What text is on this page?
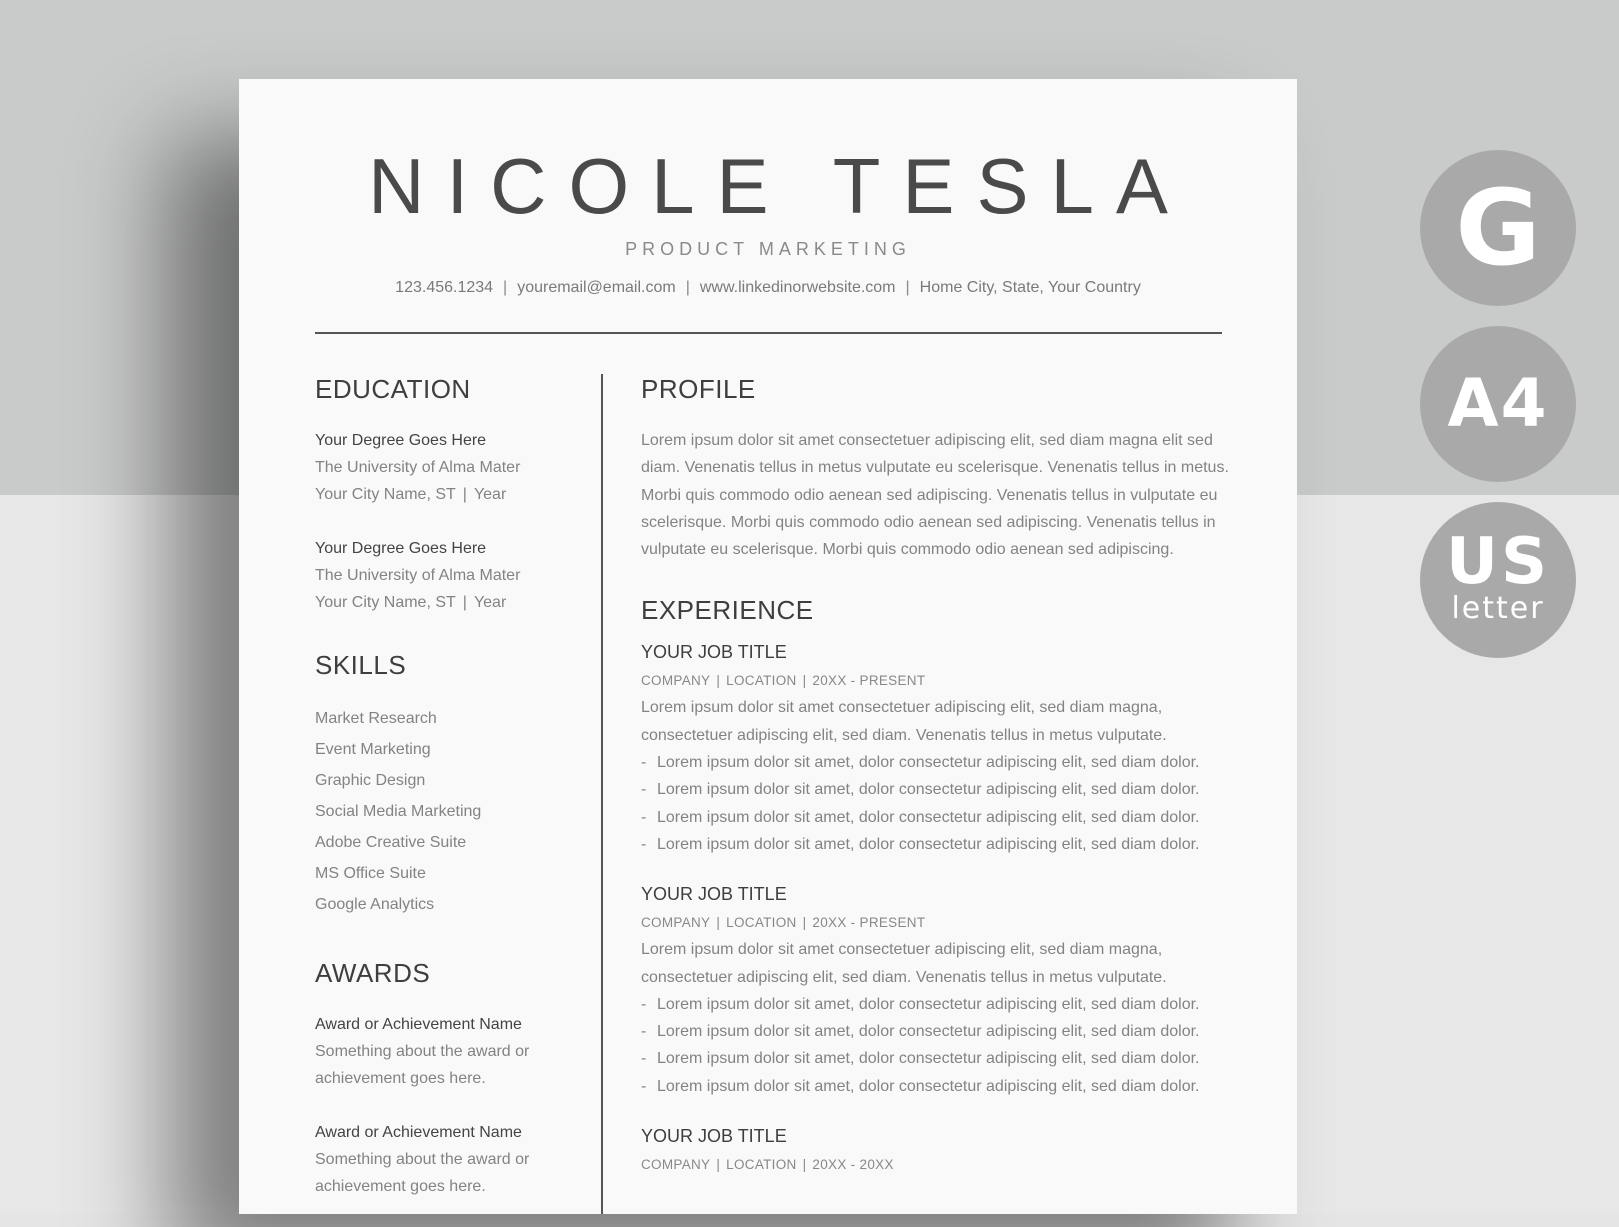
NICOLE TESLA
PRODUCT MARKETING
123.456.1234 | youremail@email.com | www.linkedinorwebsite.com | Home City, State, Your Country
EDUCATION
Your Degree Goes Here
The University of Alma Mater
Your City Name, ST | Year
Your Degree Goes Here
The University of Alma Mater
Your City Name, ST | Year
SKILLS
Market Research
Event Marketing
Graphic Design
Social Media Marketing
Adobe Creative Suite
MS Office Suite
Google Analytics
AWARDS
Award or Achievement Name
Something about the award or
achievement goes here.
Award or Achievement Name
Something about the award or
achievement goes here.
PROFILE
Lorem ipsum dolor sit amet consectetuer adipiscing elit, sed diam magna elit sed
diam. Venenatis tellus in metus vulputate eu scelerisque. Venenatis tellus in metus.
Morbi quis commodo odio aenean sed adipiscing. Venenatis tellus in vulputate eu
scelerisque. Morbi quis commodo odio aenean sed adipiscing. Venenatis tellus in
vulputate eu scelerisque. Morbi quis commodo odio aenean sed adipiscing.
EXPERIENCE
YOUR JOB TITLE
COMPANY | LOCATION | 20XX - PRESENT
Lorem ipsum dolor sit amet consectetuer adipiscing elit, sed diam magna,
consectetuer adipiscing elit, sed diam. Venenatis tellus in metus vulputate.
- Lorem ipsum dolor sit amet, dolor consectetur adipiscing elit, sed diam dolor.
- Lorem ipsum dolor sit amet, dolor consectetur adipiscing elit, sed diam dolor.
- Lorem ipsum dolor sit amet, dolor consectetur adipiscing elit, sed diam dolor.
- Lorem ipsum dolor sit amet, dolor consectetur adipiscing elit, sed diam dolor.
YOUR JOB TITLE
COMPANY | LOCATION | 20XX - PRESENT
Lorem ipsum dolor sit amet consectetuer adipiscing elit, sed diam magna,
consectetuer adipiscing elit, sed diam. Venenatis tellus in metus vulputate.
- Lorem ipsum dolor sit amet, dolor consectetur adipiscing elit, sed diam dolor.
- Lorem ipsum dolor sit amet, dolor consectetur adipiscing elit, sed diam dolor.
- Lorem ipsum dolor sit amet, dolor consectetur adipiscing elit, sed diam dolor.
- Lorem ipsum dolor sit amet, dolor consectetur adipiscing elit, sed diam dolor.
YOUR JOB TITLE
COMPANY | LOCATION | 20XX - 20XX
G
A4
US
letter
